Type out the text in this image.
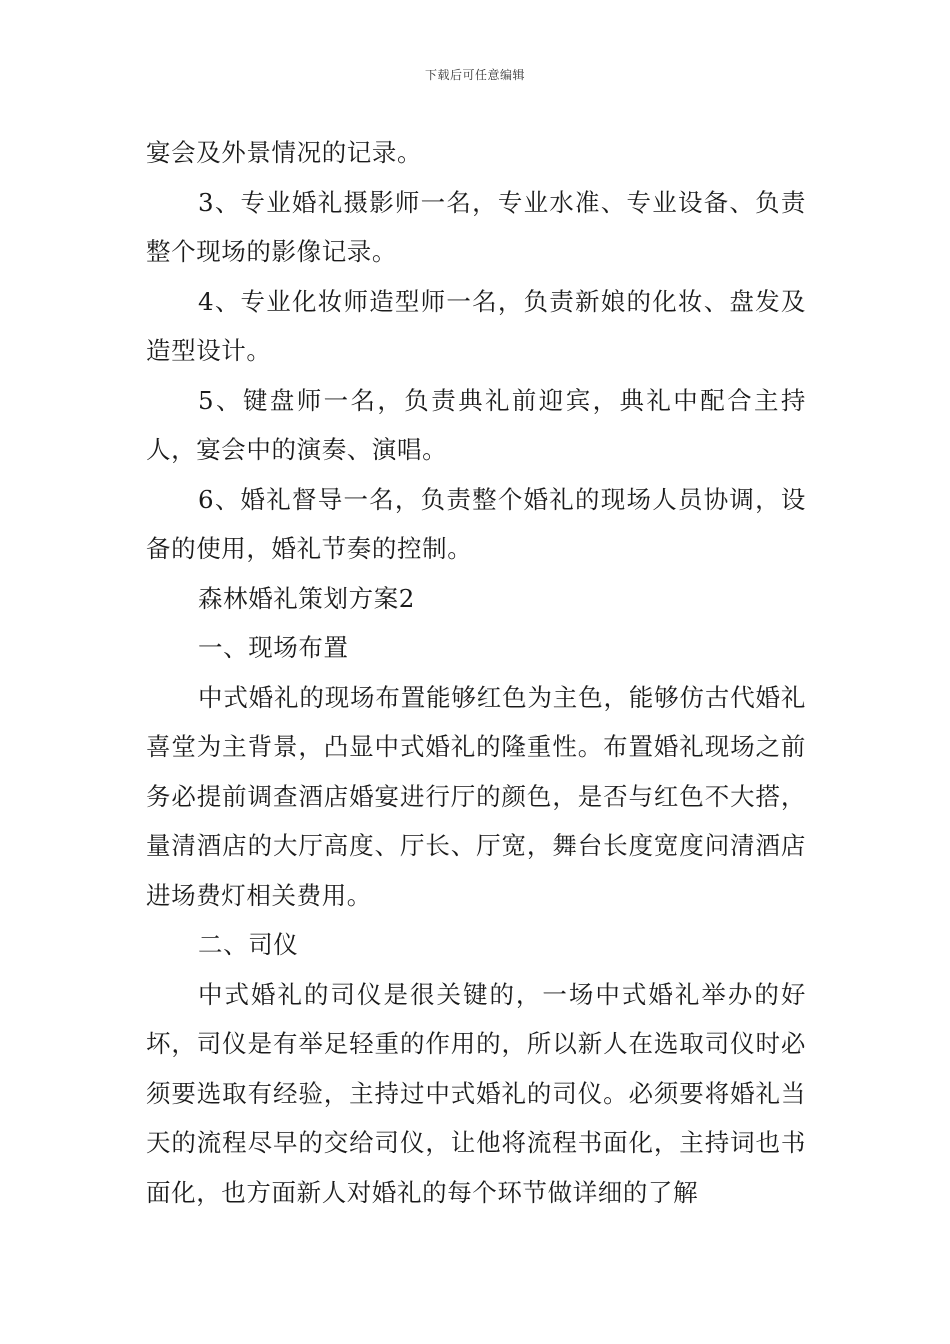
下载后可任意编辑

宴会及外景情况的记录。

3、专业婚礼摄影师一名，专业水准、专业设备、负责整个现场的影像记录。

4、专业化妆师造型师一名，负责新娘的化妆、盘发及造型设计。

5、键盘师一名，负责典礼前迎宾，典礼中配合主持人，宴会中的演奏、演唱。

6、婚礼督导一名，负责整个婚礼的现场人员协调，设备的使用，婚礼节奏的控制。

森林婚礼策划方案2

一、现场布置

中式婚礼的现场布置能够红色为主色，能够仿古代婚礼喜堂为主背景，凸显中式婚礼的隆重性。布置婚礼现场之前务必提前调查酒店婚宴进行厅的颜色，是否与红色不大搭，量清酒店的大厅高度、厅长、厅宽，舞台长度宽度问清酒店进场费灯相关费用。

二、司仪

中式婚礼的司仪是很关键的，一场中式婚礼举办的好坏，司仪是有举足轻重的作用的，所以新人在选取司仪时必须要选取有经验，主持过中式婚礼的司仪。必须要将婚礼当天的流程尽早的交给司仪，让他将流程书面化，主持词也书面化，也方面新人对婚礼的每个环节做详细的了解
